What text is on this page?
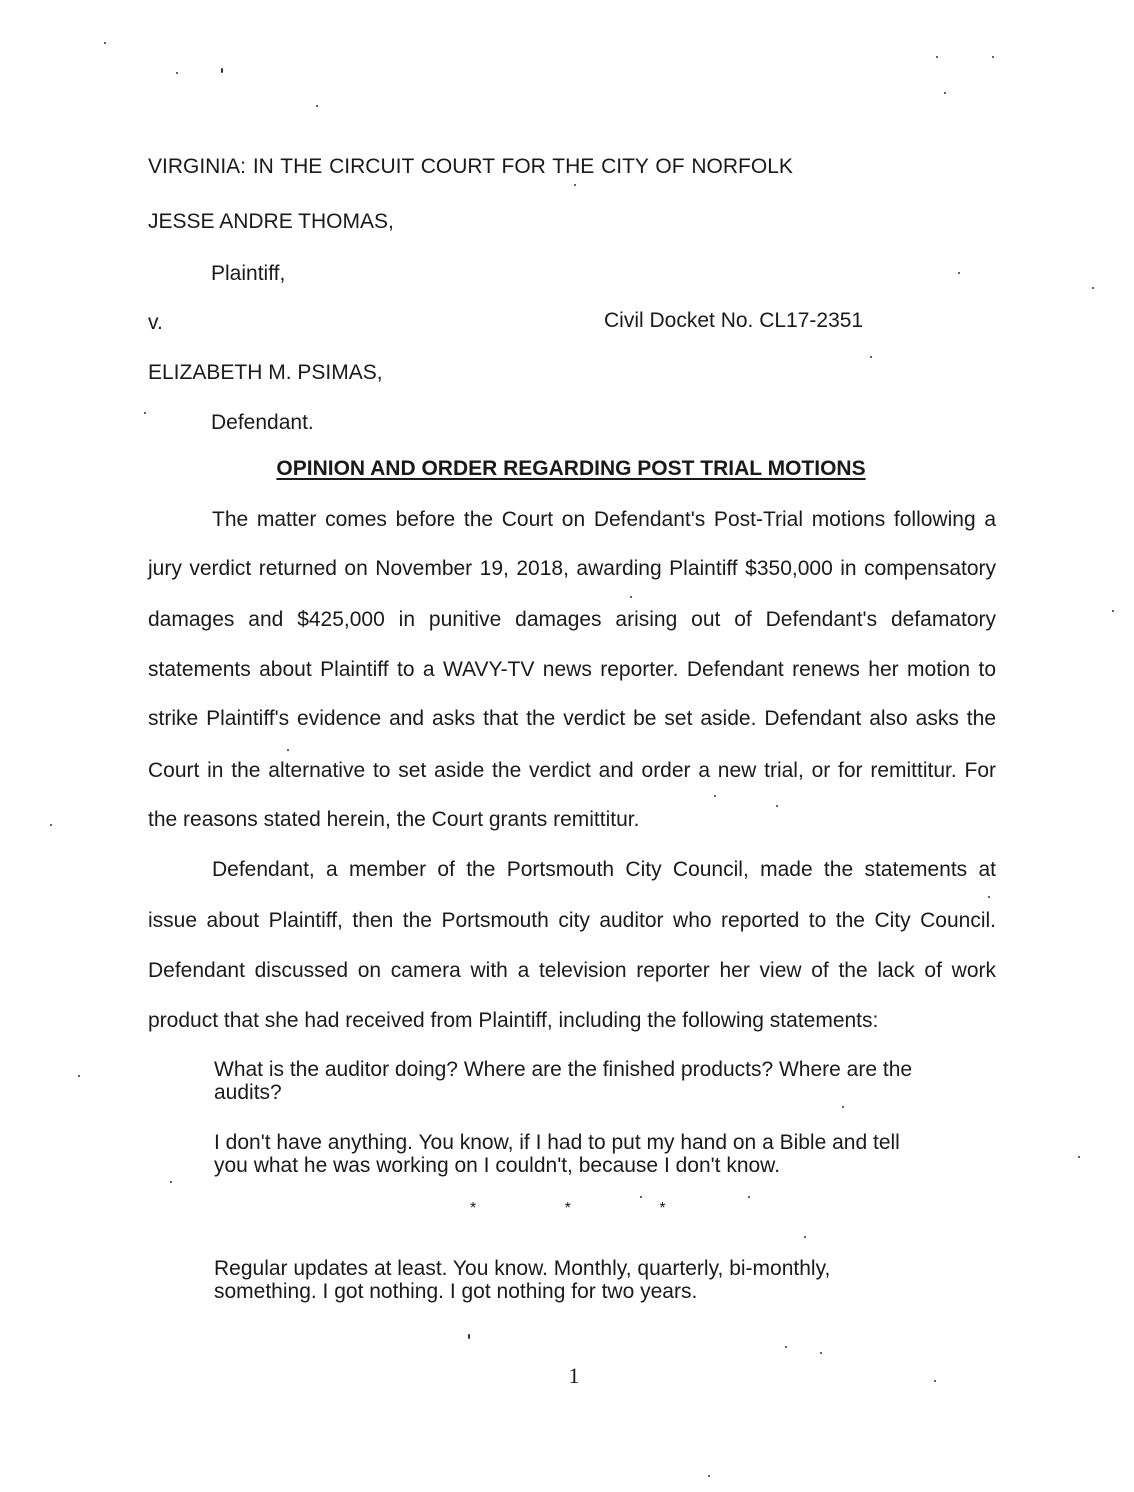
VIRGINIA: IN THE CIRCUIT COURT FOR THE CITY OF NORFOLK
JESSE ANDRE THOMAS,
Plaintiff,
v.	Civil Docket No. CL17-2351
ELIZABETH M. PSIMAS,
Defendant.
OPINION AND ORDER REGARDING POST TRIAL MOTIONS
The matter comes before the Court on Defendant's Post-Trial motions following a
jury verdict returned on November 19, 2018, awarding Plaintiff $350,000 in compensatory
damages and $425,000 in punitive damages arising out of Defendant's defamatory
statements about Plaintiff to a WAVY-TV news reporter. Defendant renews her motion to
strike Plaintiff's evidence and asks that the verdict be set aside. Defendant also asks the
Court in the alternative to set aside the verdict and order a new trial, or for remittitur. For
the reasons stated herein, the Court grants remittitur.
Defendant, a member of the Portsmouth City Council, made the statements at
issue about Plaintiff, then the Portsmouth city auditor who reported to the City Council.
Defendant discussed on camera with a television reporter her view of the lack of work
product that she had received from Plaintiff, including the following statements:
What is the auditor doing? Where are the finished products? Where are the audits?
I don't have anything. You know, if I had to put my hand on a Bible and tell you what he was working on I couldn't, because I don't know.
* * *
Regular updates at least. You know. Monthly, quarterly, bi-monthly, something. I got nothing. I got nothing for two years.
1
